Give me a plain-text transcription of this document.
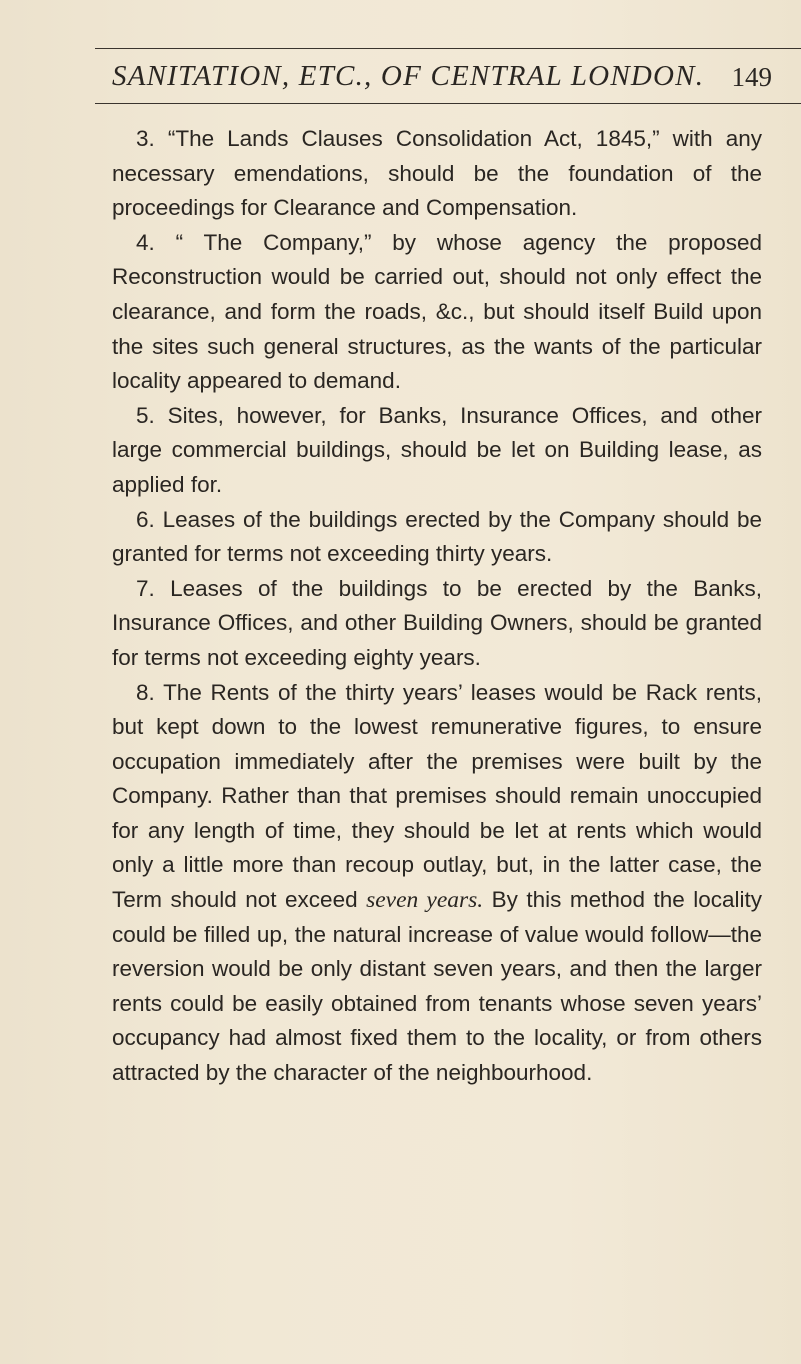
SANITATION, ETC., OF CENTRAL LONDON. 149

3. “The Lands Clauses Consolidation Act, 1845,” with any necessary emendations, should be the foundation of the proceedings for Clearance and Compensation.

4. “ The Company,” by whose agency the proposed Reconstruction would be carried out, should not only effect the clearance, and form the roads, &c., but should itself Build upon the sites such general structures, as the wants of the particular locality appeared to demand.

5. Sites, however, for Banks, Insurance Offices, and other large commercial buildings, should be let on Building lease, as applied for.

6. Leases of the buildings erected by the Company should be granted for terms not exceeding thirty years.

7. Leases of the buildings to be erected by the Banks, Insurance Offices, and other Building Owners, should be granted for terms not exceeding eighty years.

8. The Rents of the thirty years’ leases would be Rack rents, but kept down to the lowest remunerative figures, to ensure occupation immediately after the premises were built by the Company. Rather than that premises should remain unoccupied for any length of time, they should be let at rents which would only a little more than recoup outlay, but, in the latter case, the Term should not exceed seven years. By this method the locality could be filled up, the natural increase of value would follow—the reversion would be only distant seven years, and then the larger rents could be easily obtained from tenants whose seven years’ occupancy had almost fixed them to the locality, or from others attracted by the character of the neighbourhood.
